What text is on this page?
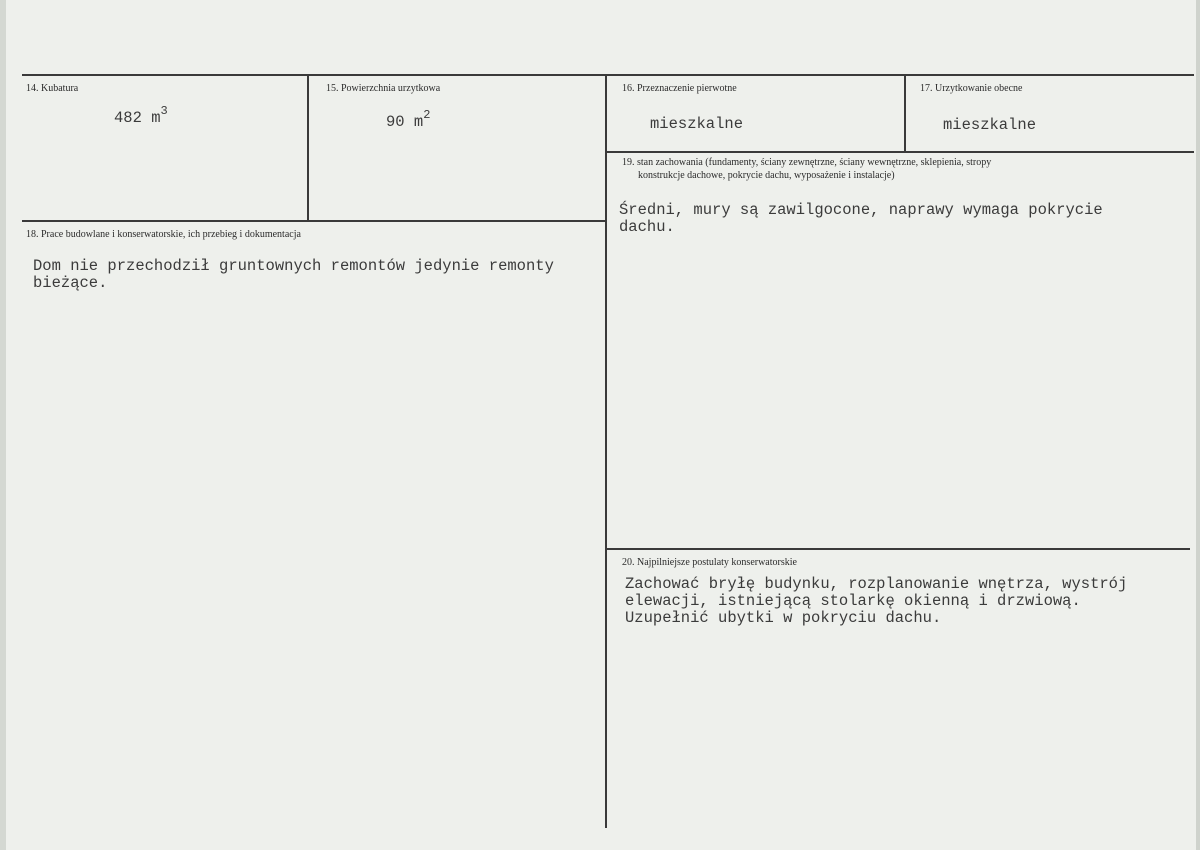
14. Kubatura
482 $m^3$
15. Powierzchnia urzytkowa
90 $m^2$
16. Przeznaczenie pierwotne
mieszkalne
17. Urzytkowanie obecne
mieszkalne
19. stan zachowania (fundamenty, ściany zewnętrzne, ściany wewnętrzne, sklepienia, stropy
konstrukcje dachowe, pokrycie dachu, wyposażenie i instalacje)
Średni, mury są zawilgocone, naprawy wymaga pokrycie
dachu.
18. Prace budowlane i konserwatorskie, ich przebieg i dokumentacja
Dom nie przechodził gruntownych remontów jedynie remonty
bieżące.
20. Najpilniejsze postulaty konserwatorskie
Zachować bryłę budynku, rozplanowanie wnętrza, wystrój
elewacji, istniejącą stolarkę okienną i drzwiową.
Uzupełnić ubytki w pokryciu dachu.
